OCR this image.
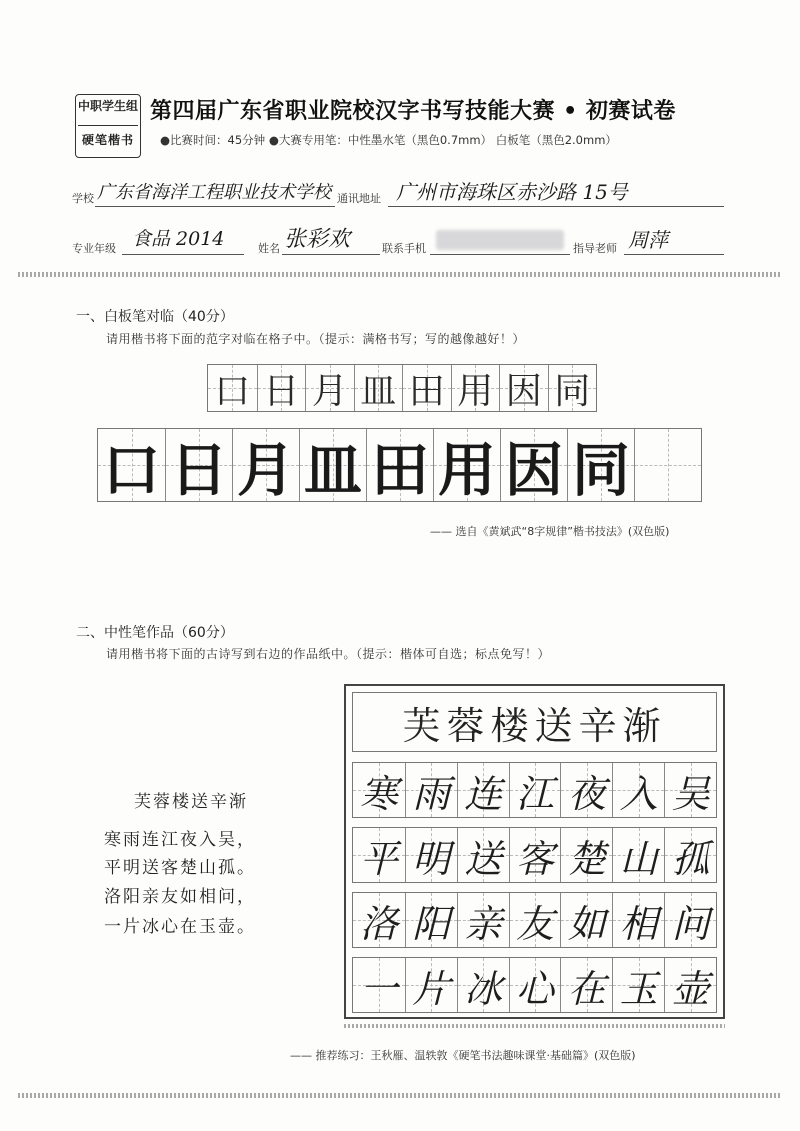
中职学生组
硬笔楷书
第四届广东省职业院校汉字书写技能大赛 • 初赛试卷
●比赛时间：45分钟 ●大赛专用笔：中性墨水笔（黑色0.7mm） 白板笔（黑色2.0mm）
学校 广东省海洋工程职业技术学校 通讯地址 广州市海珠区赤沙路 15号
专业年级 食品 2014	姓名 张彩欢	联系手机	指导老师 周萍
一、白板笔对临（40分）
请用楷书将下面的范字对临在格子中。（提示：满格书写；写的越像越好！）
口 日 月 皿 田 用 因 同
口 日 月 皿 田 用 因 同
—— 选自《黄斌武“8字规律”楷书技法》(双色版)
二、中性笔作品（60分）
请用楷书将下面的古诗写到右边的作品纸中。（提示：楷体可自选；标点免写！）
芙蓉楼送辛渐
寒雨连江夜入吴，
平明送客楚山孤。
洛阳亲友如相问，
一片冰心在玉壶。
芙蓉楼送辛渐
寒 雨 连 江 夜 入 吴
平 明 送 客 楚 山 孤
洛 阳 亲 友 如 相 问
一 片 冰 心 在 玉 壶
—— 推荐练习：王秋雁、温轶敦《硬笔书法趣味课堂·基础篇》(双色版)
